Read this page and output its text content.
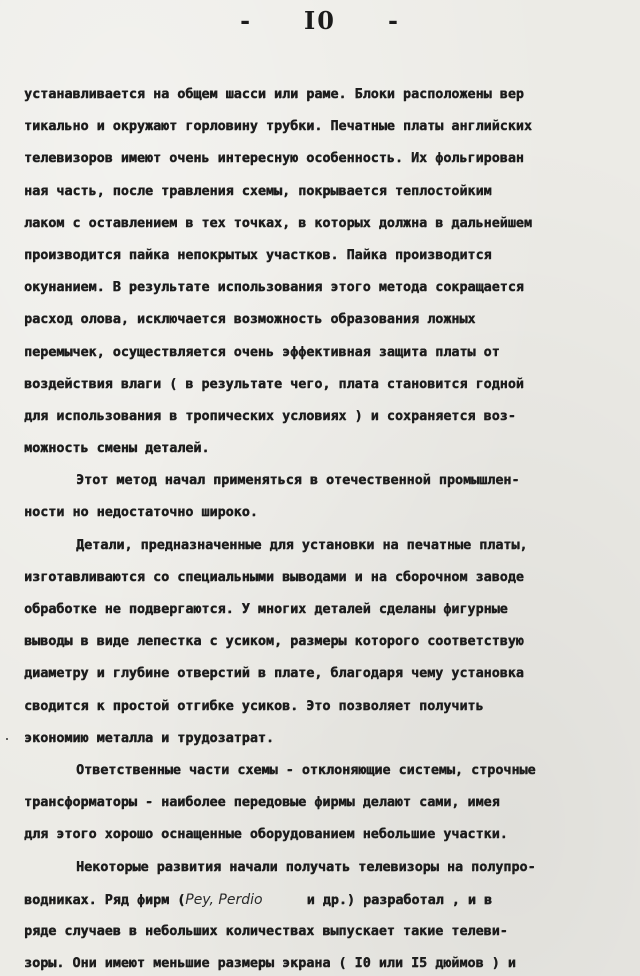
- I0 -
устанавливается на общем шасси или раме. Блоки расположены вер
тикально и окружают горловину трубки. Печатные платы английских
телевизоров имеют очень интересную особенность. Их фольгирован
ная часть, после травления схемы, покрывается теплостойким
лаком с оставлением в тех точках, в которых должна в дальнейшем
производится пайка непокрытых участков. Пайка производится
окунанием. В результате использования этого метода сокращается
расход олова, исключается возможность образования ложных
перемычек, осуществляется очень эффективная защита платы от
воздействия влаги ( в результате чего, плата становится годной
для использования в тропических условиях ) и сохраняется воз-
можность смены деталей.
Этот метод начал применяться в отечественной промышлен-
ности но недостаточно широко.
Детали, предназначенные для установки на печатные платы,
изготавливаются со специальными выводами и на сборочном заводе
обработке не подвергаются. У многих деталей сделаны фигурные
выводы в виде лепестка с усиком, размеры которого соответствую
диаметру и глубине отверстий в плате, благодаря чему установка
сводится к простой отгибке усиков. Это позволяет получить
экономию металла и трудозатрат.
Ответственные части схемы - отклоняющие системы, строчные
трансформаторы - наиболее передовые фирмы делают сами, имея
для этого хорошо оснащенные оборудованием небольшие участки.
Некоторые развития начали получать телевизоры на полупро-
водниках. Ряд фирм (Pey, Perdio	и др.) разработал , и в
ряде случаев в небольших количествах выпускает такие телеви-
зоры. Они имеют меньшие размеры экрана ( I0 или I5 дюймов ) и
